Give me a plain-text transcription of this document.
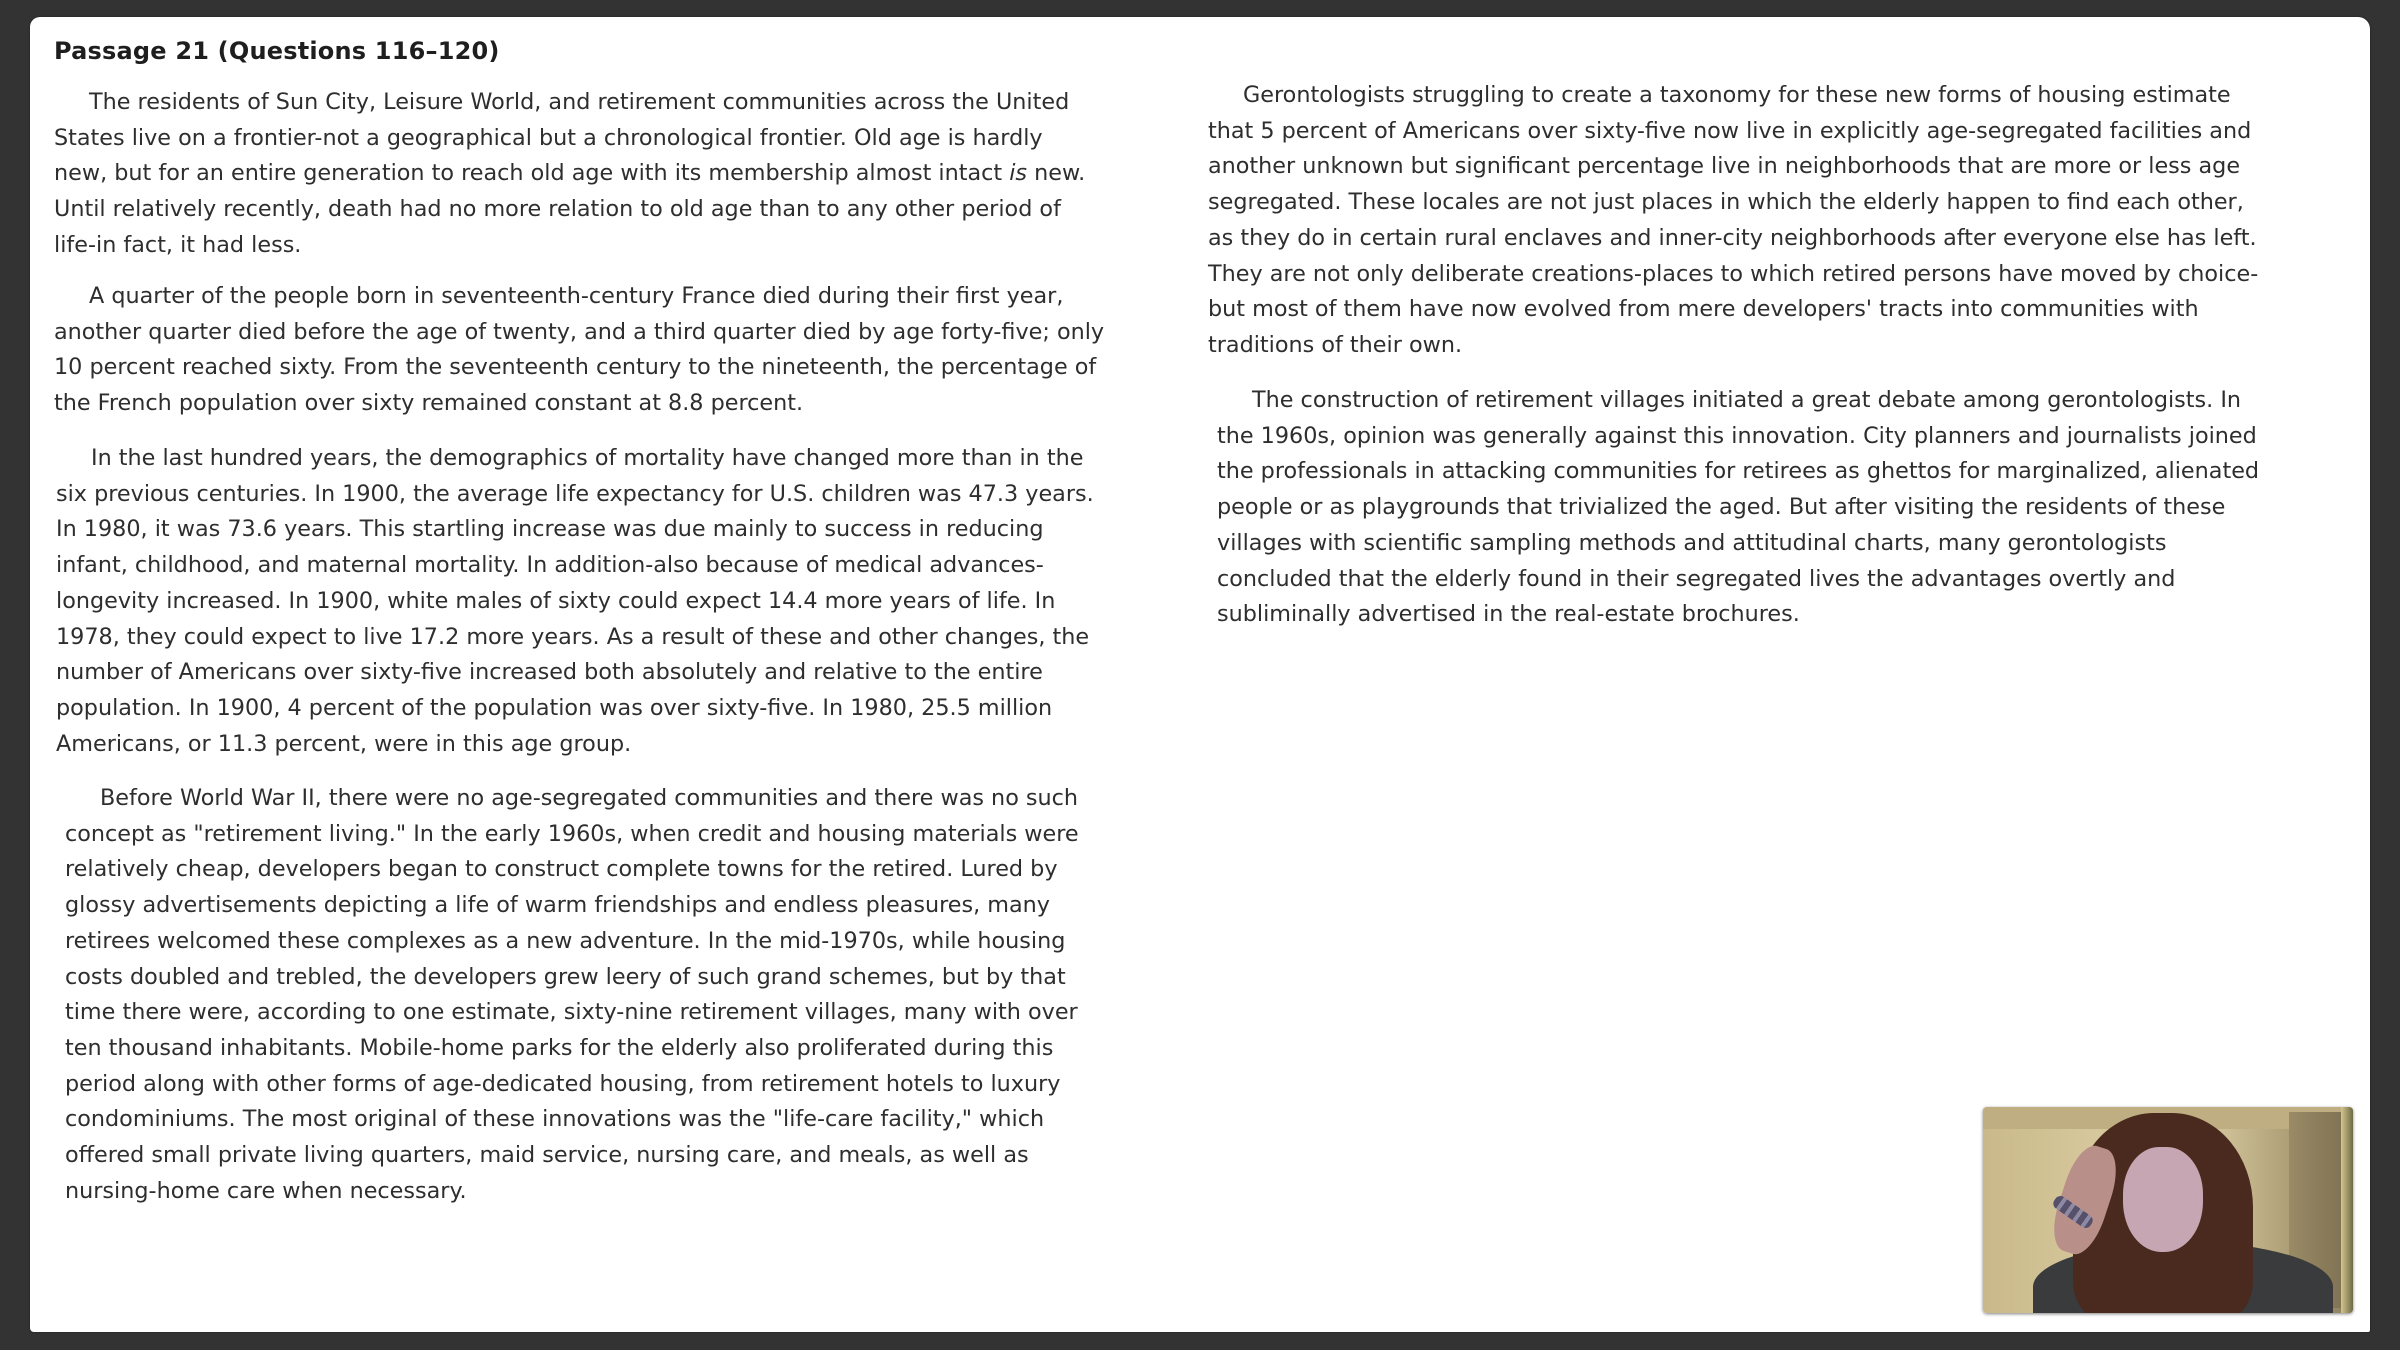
Passage 21 (Questions 116–120)

The residents of Sun City, Leisure World, and retirement communities across the United
States live on a frontier-not a geographical but a chronological frontier. Old age is hardly
new, but for an entire generation to reach old age with its membership almost intact is new.
Until relatively recently, death had no more relation to old age than to any other period of
life-in fact, it had less.

A quarter of the people born in seventeenth-century France died during their first year,
another quarter died before the age of twenty, and a third quarter died by age forty-five; only
10 percent reached sixty. From the seventeenth century to the nineteenth, the percentage of
the French population over sixty remained constant at 8.8 percent.

In the last hundred years, the demographics of mortality have changed more than in the
six previous centuries. In 1900, the average life expectancy for U.S. children was 47.3 years.
In 1980, it was 73.6 years. This startling increase was due mainly to success in reducing
infant, childhood, and maternal mortality. In addition-also because of medical advances-
longevity increased. In 1900, white males of sixty could expect 14.4 more years of life. In
1978, they could expect to live 17.2 more years. As a result of these and other changes, the
number of Americans over sixty-five increased both absolutely and relative to the entire
population. In 1900, 4 percent of the population was over sixty-five. In 1980, 25.5 million
Americans, or 11.3 percent, were in this age group.

Before World War II, there were no age-segregated communities and there was no such
concept as "retirement living." In the early 1960s, when credit and housing materials were
relatively cheap, developers began to construct complete towns for the retired. Lured by
glossy advertisements depicting a life of warm friendships and endless pleasures, many
retirees welcomed these complexes as a new adventure. In the mid-1970s, while housing
costs doubled and trebled, the developers grew leery of such grand schemes, but by that
time there were, according to one estimate, sixty-nine retirement villages, many with over
ten thousand inhabitants. Mobile-home parks for the elderly also proliferated during this
period along with other forms of age-dedicated housing, from retirement hotels to luxury
condominiums. The most original of these innovations was the "life-care facility," which
offered small private living quarters, maid service, nursing care, and meals, as well as
nursing-home care when necessary.

Gerontologists struggling to create a taxonomy for these new forms of housing estimate
that 5 percent of Americans over sixty-five now live in explicitly age-segregated facilities and
another unknown but significant percentage live in neighborhoods that are more or less age
segregated. These locales are not just places in which the elderly happen to find each other,
as they do in certain rural enclaves and inner-city neighborhoods after everyone else has left.
They are not only deliberate creations-places to which retired persons have moved by choice-
but most of them have now evolved from mere developers' tracts into communities with
traditions of their own.

The construction of retirement villages initiated a great debate among gerontologists. In
the 1960s, opinion was generally against this innovation. City planners and journalists joined
the professionals in attacking communities for retirees as ghettos for marginalized, alienated
people or as playgrounds that trivialized the aged. But after visiting the residents of these
villages with scientific sampling methods and attitudinal charts, many gerontologists
concluded that the elderly found in their segregated lives the advantages overtly and
subliminally advertised in the real-estate brochures.
